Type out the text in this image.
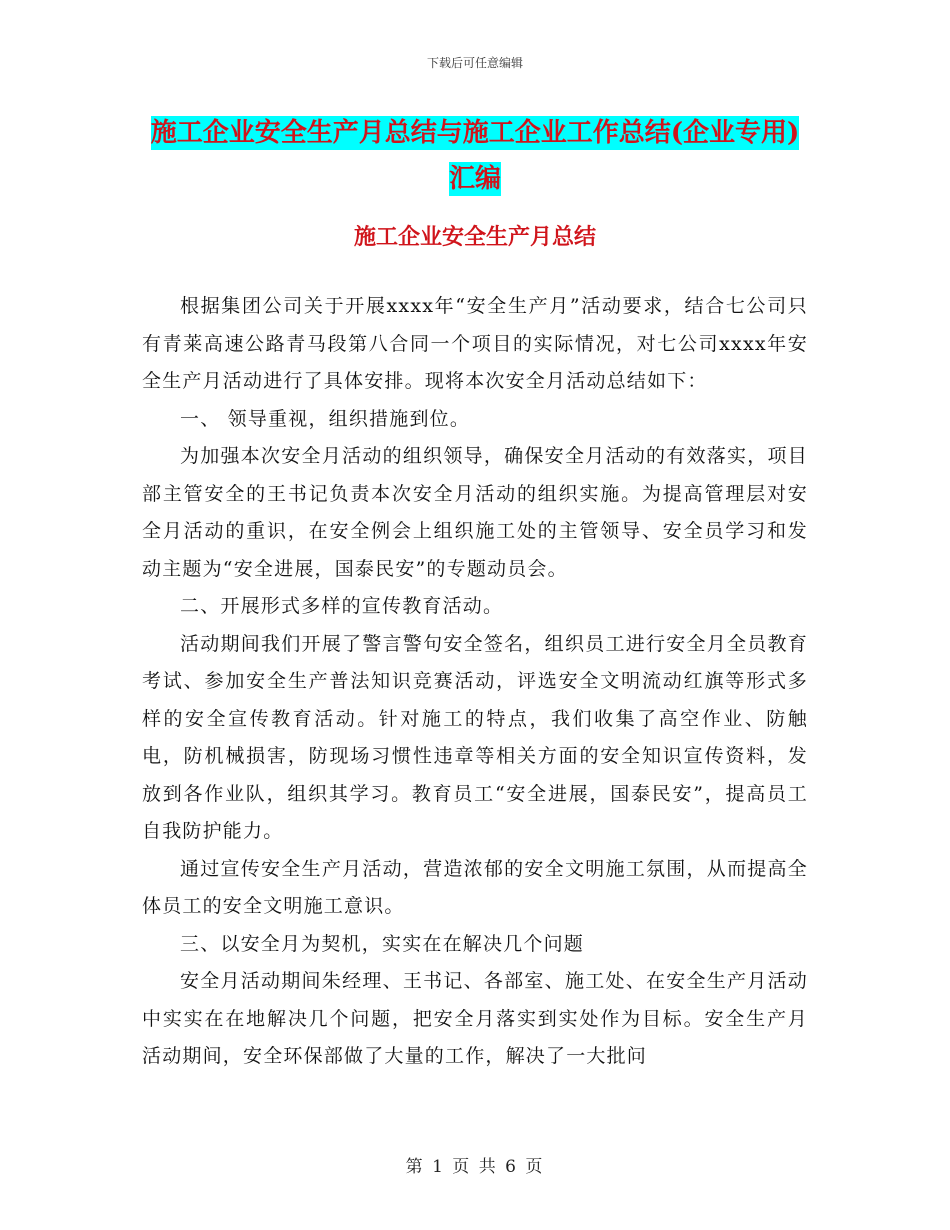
下载后可任意编辑
施工企业安全生产月总结与施工企业工作总结(企业专用)汇编
施工企业安全生产月总结

根据集团公司关于开展xxxx年“安全生产月”活动要求，结合七公司只有青莱高速公路青马段第八合同一个项目的实际情况，对七公司xxxx年安全生产月活动进行了具体安排。现将本次安全月活动总结如下：

一、 领导重视，组织措施到位。

为加强本次安全月活动的组织领导，确保安全月活动的有效落实，项目部主管安全的王书记负责本次安全月活动的组织实施。为提高管理层对安全月活动的重识，在安全例会上组织施工处的主管领导、安全员学习和发动主题为“安全进展，国泰民安”的专题动员会。

二、开展形式多样的宣传教育活动。

活动期间我们开展了警言警句安全签名，组织员工进行安全月全员教育考试、参加安全生产普法知识竞赛活动，评选安全文明流动红旗等形式多样的安全宣传教育活动。针对施工的特点，我们收集了高空作业、防触电，防机械损害，防现场习惯性违章等相关方面的安全知识宣传资料，发放到各作业队，组织其学习。教育员工“安全进展，国泰民安”，提高员工自我防护能力。

通过宣传安全生产月活动，营造浓郁的安全文明施工氛围，从而提高全体员工的安全文明施工意识。

三、以安全月为契机，实实在在解决几个问题

安全月活动期间朱经理、王书记、各部室、施工处、在安全生产月活动中实实在在地解决几个问题，把安全月落实到实处作为目标。安全生产月活动期间，安全环保部做了大量的工作，解决了一大批问

第 1 页 共 6 页
